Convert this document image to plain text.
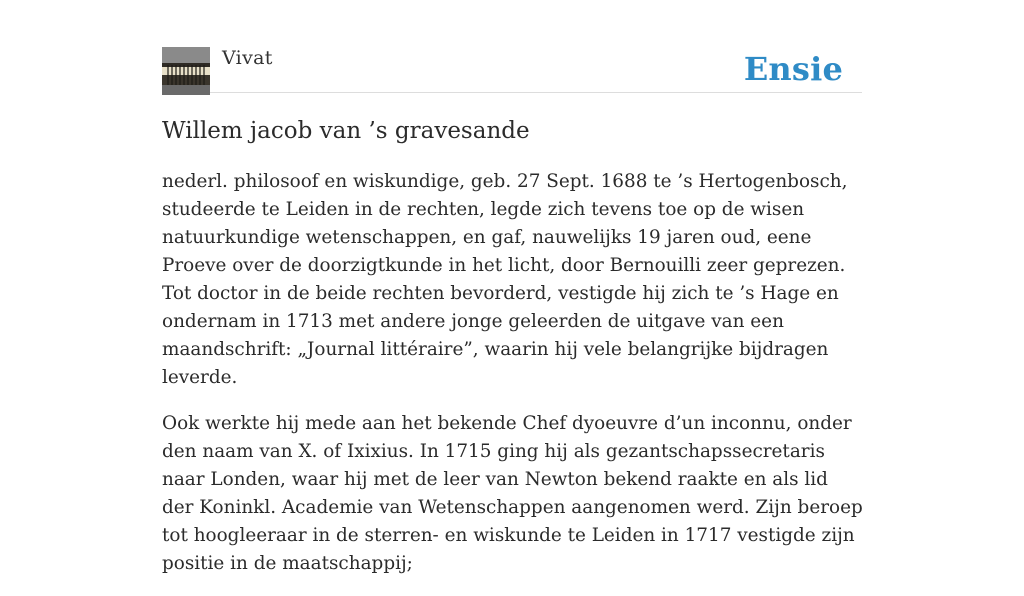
Vivat	Ensie
Willem jacob van ’s gravesande

nederl. philosoof en wiskundige, geb. 27 Sept. 1688 te ’s Hertogenbosch, studeerde te Leiden in de rechten, legde zich tevens toe op de wisen natuurkundige wetenschappen, en gaf, nauwelijks 19 jaren oud, eene Proeve over de doorzigtkunde in het licht, door Bernouilli zeer geprezen. Tot doctor in de beide rechten bevorderd, vestigde hij zich te ’s Hage en ondernam in 1713 met andere jonge geleerden de uitgave van een maandschrift: „Journal littéraire”, waarin hij vele belangrijke bijdragen leverde.

Ook werkte hij mede aan het bekende Chef dyoeuvre d’un inconnu, onder den naam van X. of Ixixius. In 1715 ging hij als gezantschapssecretaris naar Londen, waar hij met de leer van Newton bekend raakte en als lid der Koninkl. Academie van Wetenschappen aangenomen werd. Zijn beroep tot hoogleeraar in de sterren- en wiskunde te Leiden in 1717 vestigde zijn positie in de maatschappij;
